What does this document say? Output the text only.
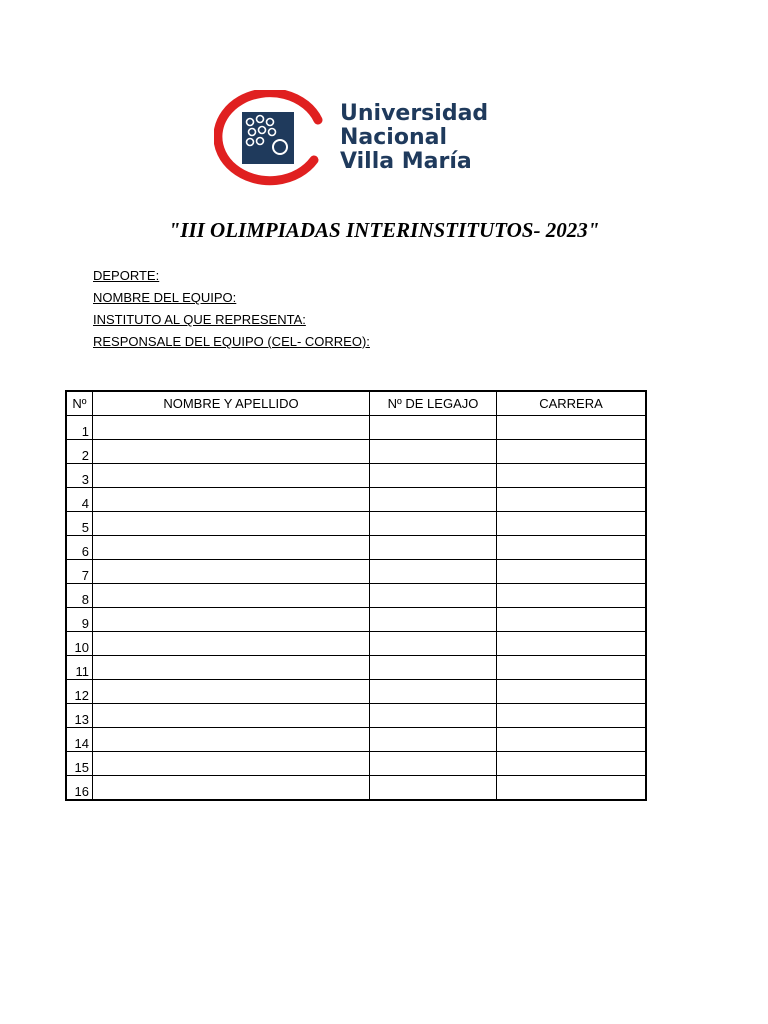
Universidad
Nacional
Villa María
"III OLIMPIADAS INTERINSTITUTOS- 2023"
DEPORTE:
NOMBRE DEL EQUIPO:
INSTITUTO AL QUE REPRESENTA:
RESPONSALE DEL EQUIPO (CEL- CORREO):
Nº	NOMBRE Y APELLIDO	Nº DE LEGAJO	CARRERA
1			
2			
3			
4			
5			
6			
7			
8			
9			
10			
11			
12			
13			
14			
15			
16			
